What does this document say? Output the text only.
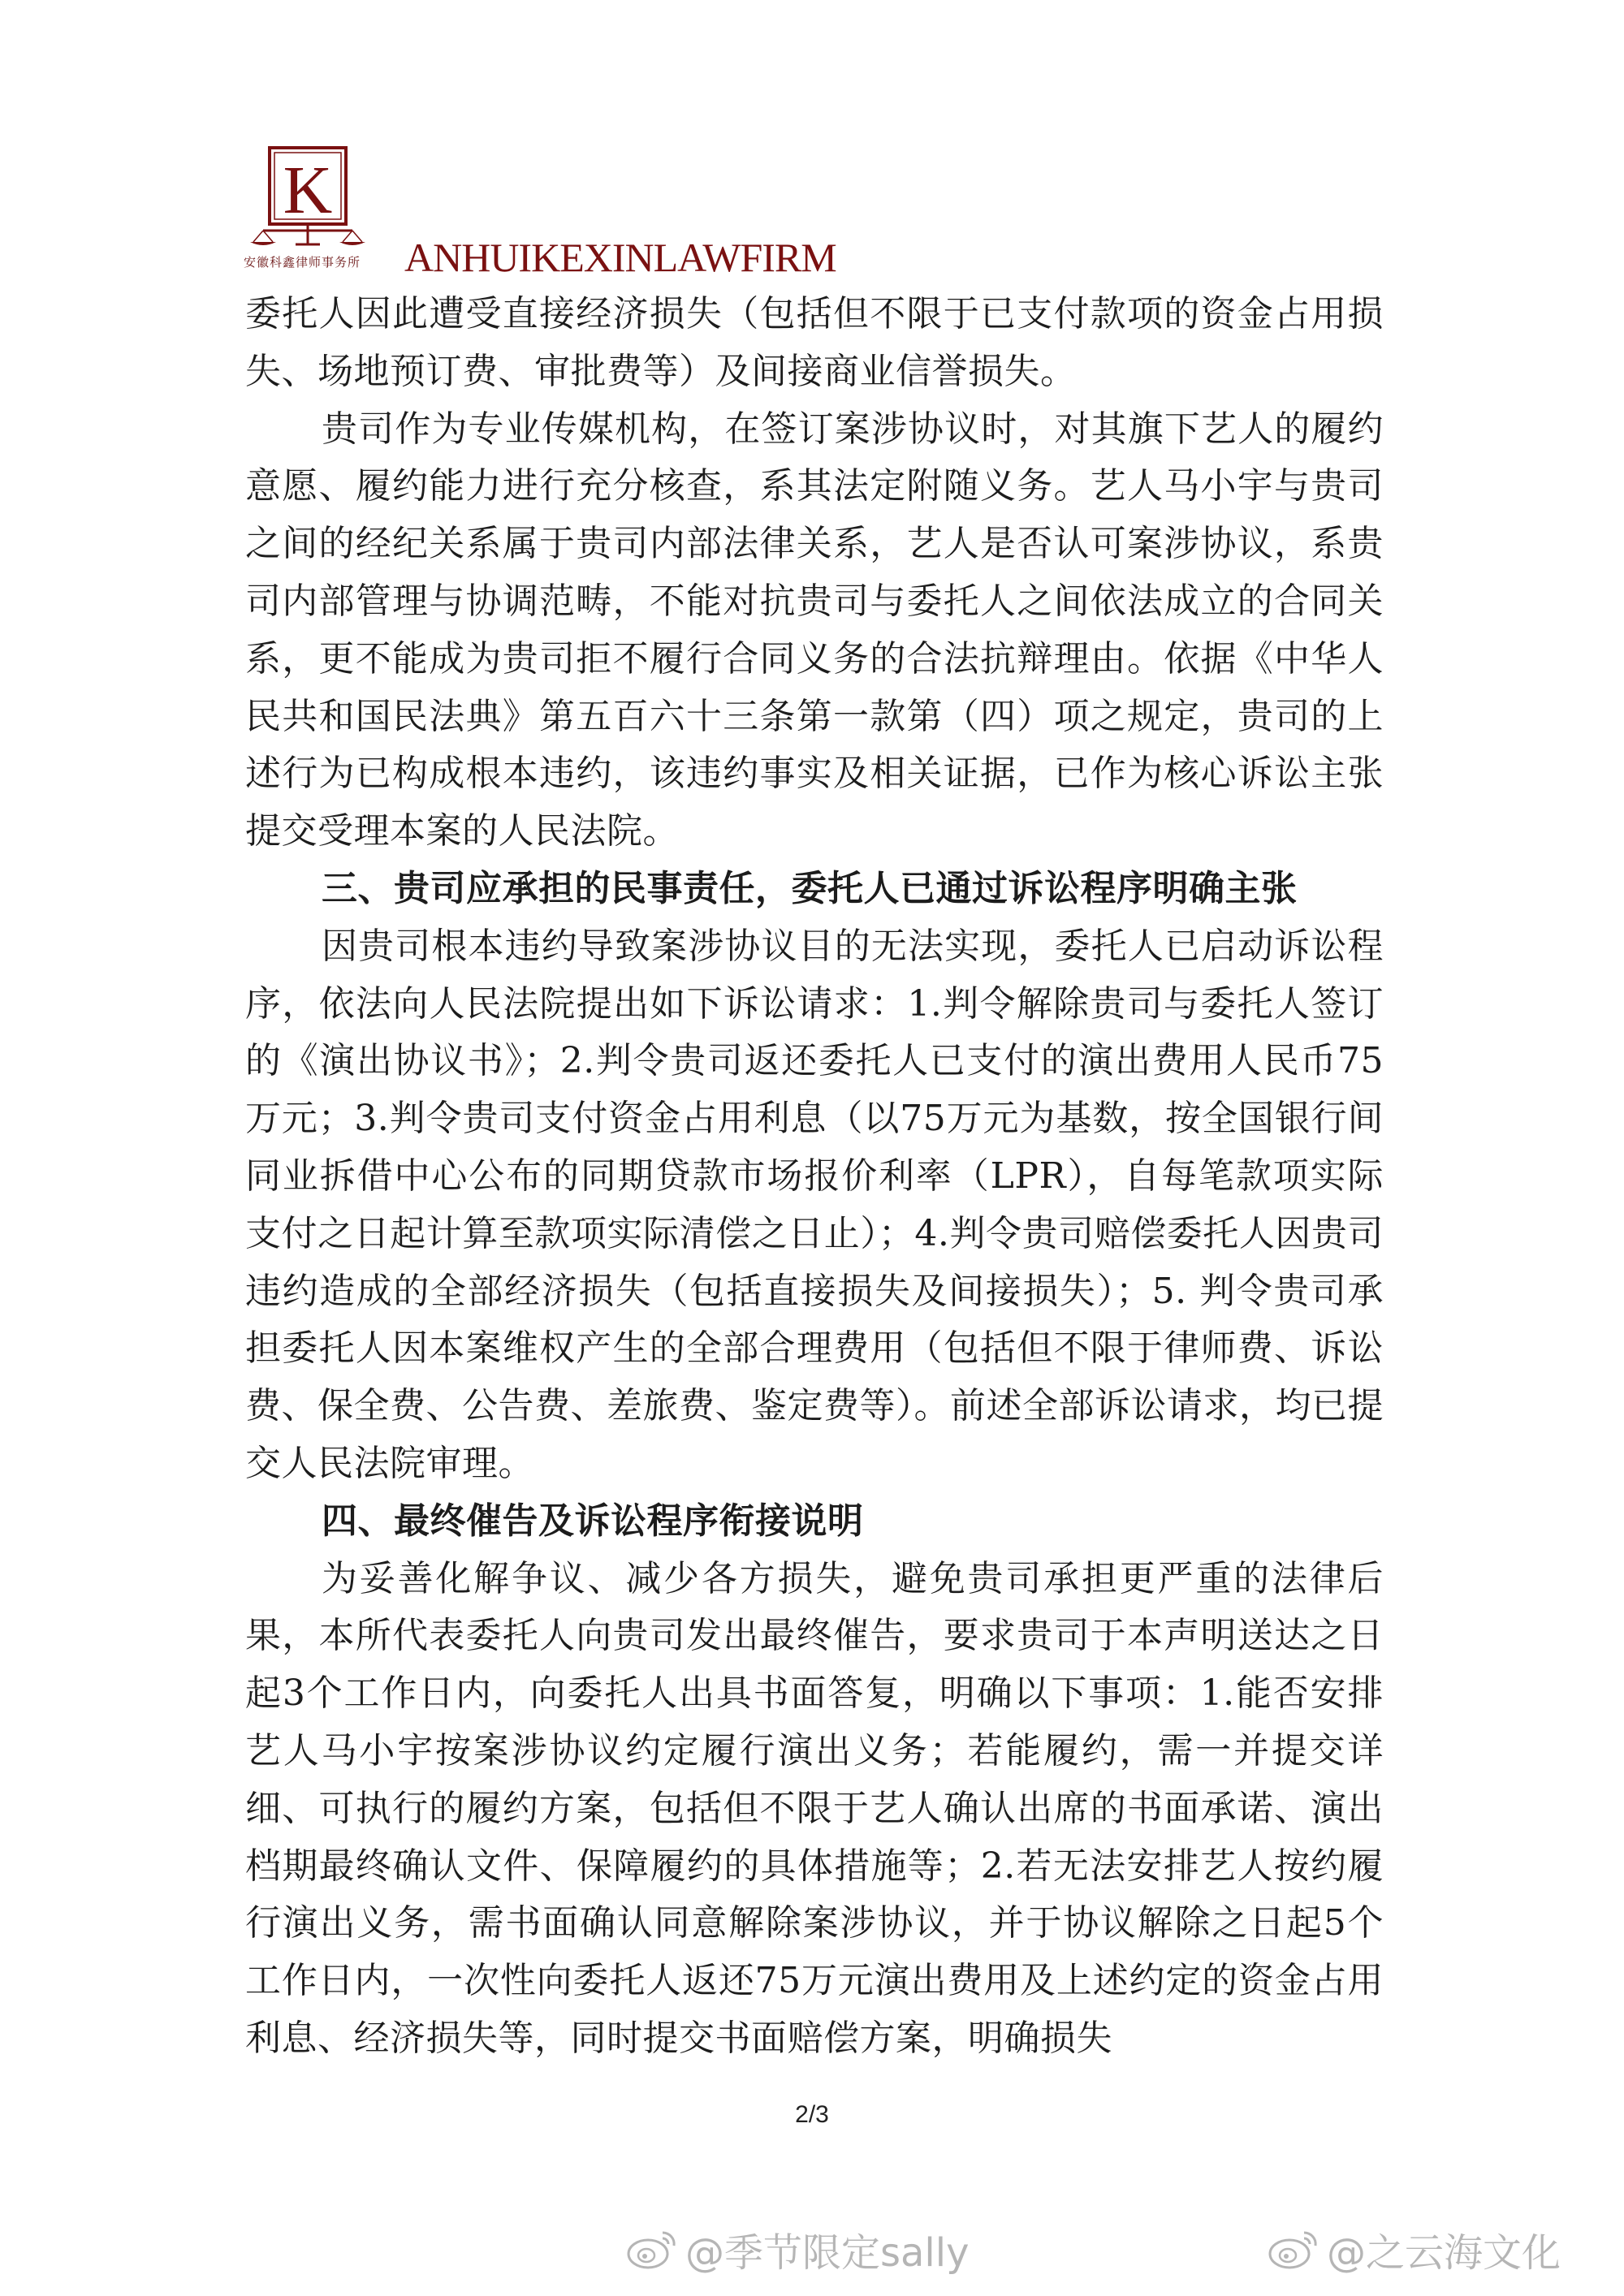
K
安徽科鑫律师事务所	ANHUIKEXINLAWFIRM

委托人因此遭受直接经济损失（包括但不限于已支付款项的资金占用损失、场地预订费、审批费等）及间接商业信誉损失。

贵司作为专业传媒机构，在签订案涉协议时，对其旗下艺人的履约意愿、履约能力进行充分核查，系其法定附随义务。艺人马小宇与贵司之间的经纪关系属于贵司内部法律关系，艺人是否认可案涉协议，系贵司内部管理与协调范畴，不能对抗贵司与委托人之间依法成立的合同关系，更不能成为贵司拒不履行合同义务的合法抗辩理由。依据《中华人民共和国民法典》第五百六十三条第一款第（四）项之规定，贵司的上述行为已构成根本违约，该违约事实及相关证据，已作为核心诉讼主张提交受理本案的人民法院。

三、贵司应承担的民事责任，委托人已通过诉讼程序明确主张

因贵司根本违约导致案涉协议目的无法实现，委托人已启动诉讼程序，依法向人民法院提出如下诉讼请求：1.判令解除贵司与委托人签订的《演出协议书》；2.判令贵司返还委托人已支付的演出费用人民币75万元；3.判令贵司支付资金占用利息（以75万元为基数，按全国银行间同业拆借中心公布的同期贷款市场报价利率（LPR），自每笔款项实际支付之日起计算至款项实际清偿之日止）；4.判令贵司赔偿委托人因贵司违约造成的全部经济损失（包括直接损失及间接损失）；5. 判令贵司承担委托人因本案维权产生的全部合理费用（包括但不限于律师费、诉讼费、保全费、公告费、差旅费、鉴定费等）。前述全部诉讼请求，均已提交人民法院审理。

四、最终催告及诉讼程序衔接说明

为妥善化解争议、减少各方损失，避免贵司承担更严重的法律后果，本所代表委托人向贵司发出最终催告，要求贵司于本声明送达之日起3个工作日内，向委托人出具书面答复，明确以下事项：1.能否安排艺人马小宇按案涉协议约定履行演出义务；若能履约，需一并提交详细、可执行的履约方案，包括但不限于艺人确认出席的书面承诺、演出档期最终确认文件、保障履约的具体措施等；2.若无法安排艺人按约履行演出义务，需书面确认同意解除案涉协议，并于协议解除之日起5个工作日内，一次性向委托人返还75万元演出费用及上述约定的资金占用利息、经济损失等，同时提交书面赔偿方案，明确损失

2/3
@季节限定sally	@之云海文化
